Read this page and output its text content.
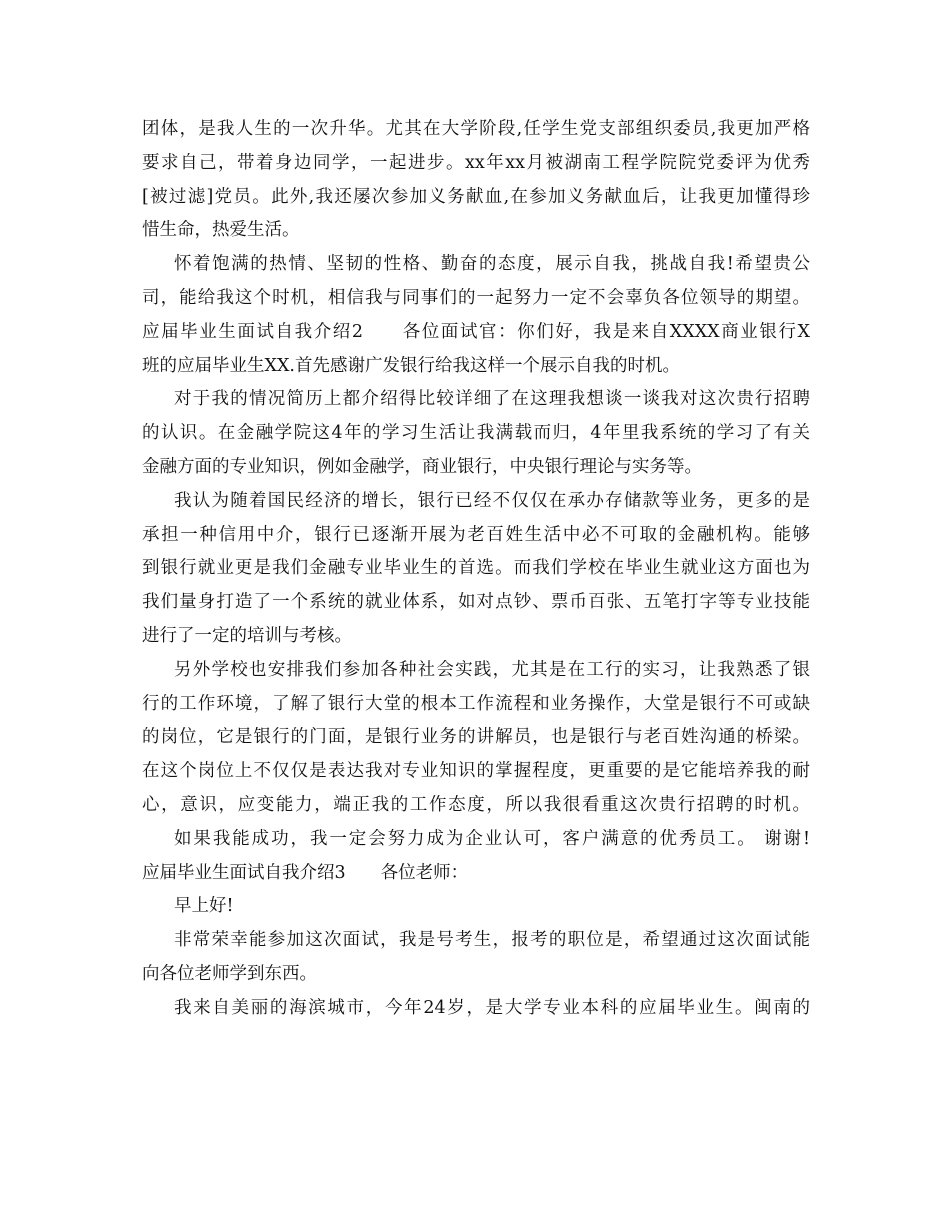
团体，是我人生的一次升华。尤其在大学阶段,任学生党支部组织委员,我更加严格
要求自己，带着身边同学，一起进步。xx年xx月被湖南工程学院院党委评为优秀
[被过滤]党员。此外,我还屡次参加义务献血,在参加义务献血后，让我更加懂得珍
惜生命，热爱生活。
怀着饱满的热情、坚韧的性格、勤奋的态度，展示自我，挑战自我!希望贵公
司，能给我这个时机，相信我与同事们的一起努力一定不会辜负各位领导的期望。
应届毕业生面试自我介绍2　　各位面试官：你们好，我是来自XXXX商业银行X
班的应届毕业生XX.首先感谢广发银行给我这样一个展示自我的时机。
对于我的情况简历上都介绍得比较详细了在这理我想谈一谈我对这次贵行招聘
的认识。在金融学院这4年的学习生活让我满载而归，4年里我系统的学习了有关
金融方面的专业知识，例如金融学，商业银行，中央银行理论与实务等。
我认为随着国民经济的增长，银行已经不仅仅在承办存储款等业务，更多的是
承担一种信用中介，银行已逐渐开展为老百姓生活中必不可取的金融机构。能够
到银行就业更是我们金融专业毕业生的首选。而我们学校在毕业生就业这方面也为
我们量身打造了一个系统的就业体系，如对点钞、票币百张、五笔打字等专业技能
进行了一定的培训与考核。
另外学校也安排我们参加各种社会实践，尤其是在工行的实习，让我熟悉了银
行的工作环境，了解了银行大堂的根本工作流程和业务操作，大堂是银行不可或缺
的岗位，它是银行的门面，是银行业务的讲解员，也是银行与老百姓沟通的桥梁。
在这个岗位上不仅仅是表达我对专业知识的掌握程度，更重要的是它能培养我的耐
心，意识，应变能力，端正我的工作态度，所以我很看重这次贵行招聘的时机。
如果我能成功，我一定会努力成为企业认可，客户满意的优秀员工。 谢谢!
应届毕业生面试自我介绍3　　各位老师：
早上好!
非常荣幸能参加这次面试，我是号考生，报考的职位是，希望通过这次面试能
向各位老师学到东西。
我来自美丽的海滨城市，今年24岁，是大学专业本科的应届毕业生。闽南的
